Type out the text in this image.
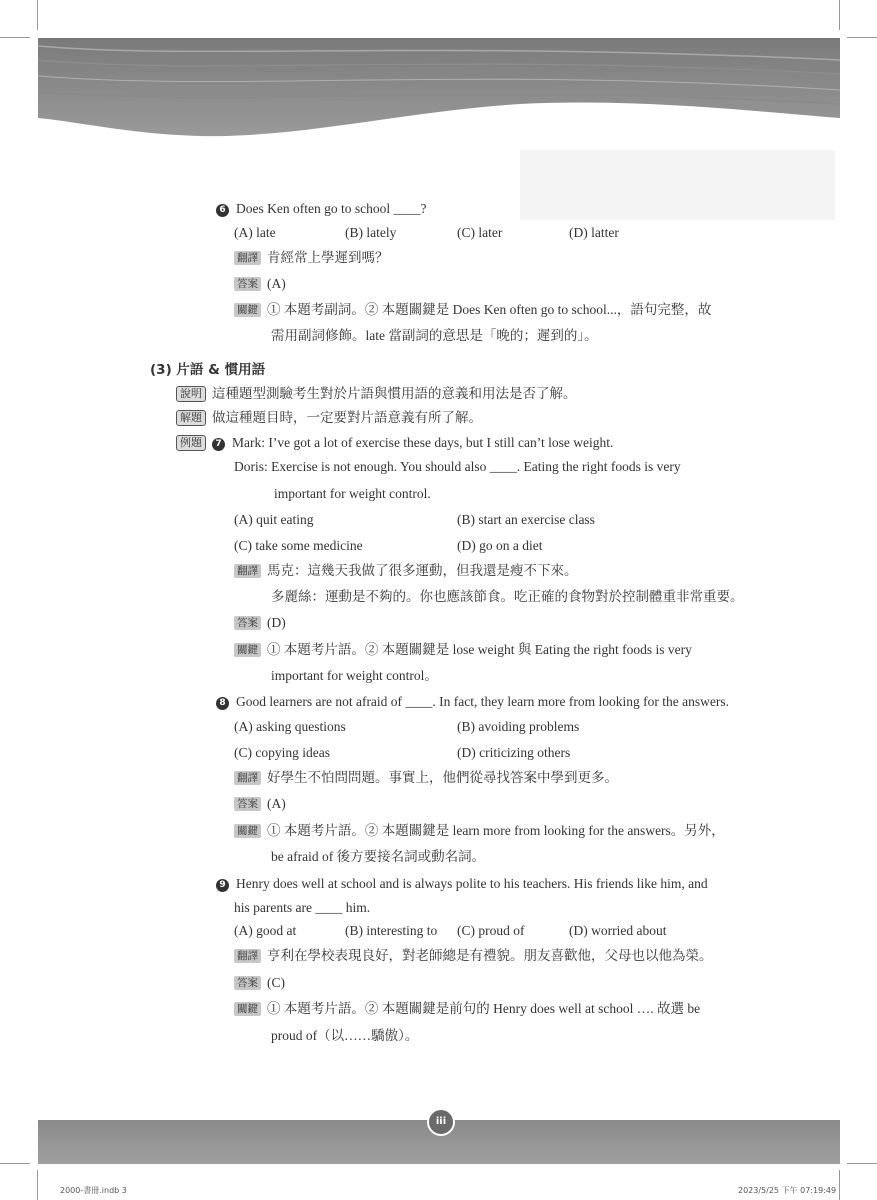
6 Does Ken often go to school ____?
(A) late	(B) lately	(C) later	(D) latter
翻譯 肯經常上學遲到嗎？
答案 (A)
關鍵 ① 本題考副詞。② 本題關鍵是 Does Ken often go to school...，語句完整，故
需用副詞修飾。late 當副詞的意思是「晚的；遲到的」。
(3) 片語 & 慣用語
說明 這種題型測驗考生對於片語與慣用語的意義和用法是否了解。
解題 做這種題目時，一定要對片語意義有所了解。
例題 7 Mark: I’ve got a lot of exercise these days, but I still can’t lose weight.
Doris: Exercise is not enough. You should also ____. Eating the right foods is very
important for weight control.
(A) quit eating	(B) start an exercise class
(C) take some medicine	(D) go on a diet
翻譯 馬克：這幾天我做了很多運動，但我還是瘦不下來。
多麗絲：運動是不夠的。你也應該節食。吃正確的食物對於控制體重非常重要。
答案 (D)
關鍵 ① 本題考片語。② 本題關鍵是 lose weight 與 Eating the right foods is very
important for weight control。
8 Good learners are not afraid of ____. In fact, they learn more from looking for the answers.
(A) asking questions	(B) avoiding problems
(C) copying ideas	(D) criticizing others
翻譯 好學生不怕問問題。事實上，他們從尋找答案中學到更多。
答案 (A)
關鍵 ① 本題考片語。② 本題關鍵是 learn more from looking for the answers。另外，
be afraid of 後方要接名詞或動名詞。
9 Henry does well at school and is always polite to his teachers. His friends like him, and
his parents are ____ him.
(A) good at	(B) interesting to (C) proud of	(D) worried about
翻譯 亨利在學校表現良好，對老師總是有禮貌。朋友喜歡他，父母也以他為榮。
答案 (C)
關鍵 ① 本題考片語。② 本題關鍵是前句的 Henry does well at school …. 故選 be
proud of（以……驕傲）。
iii
2000-書冊.indb 3	2023/5/25 下午 07:19:49
